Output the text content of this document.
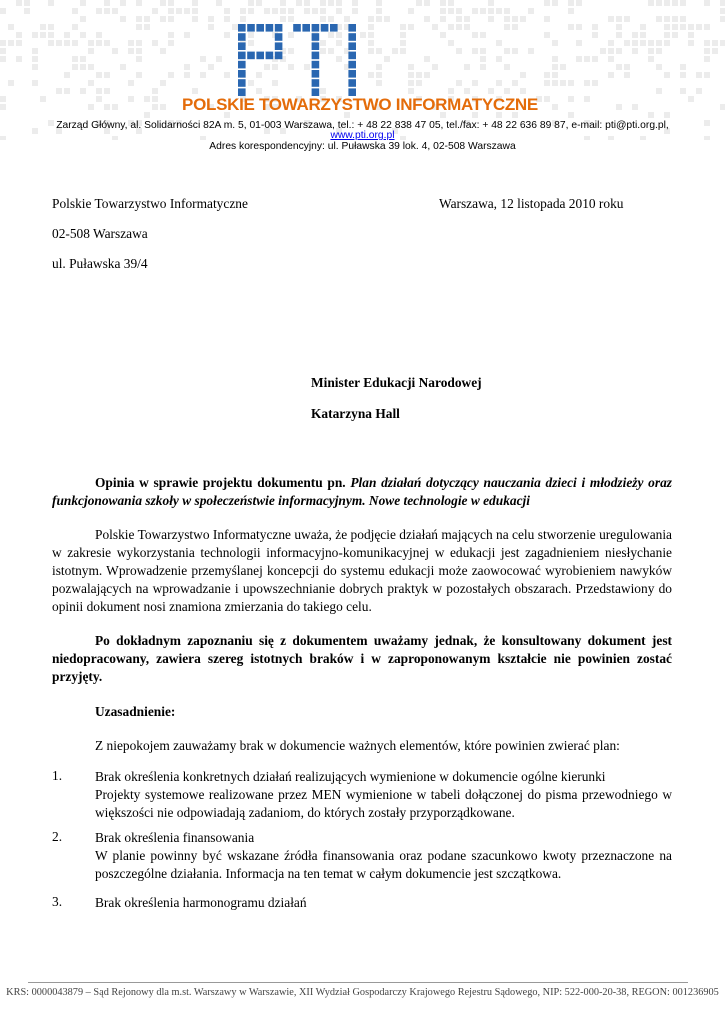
POLSKIE TOWARZYSTWO INFORMATYCZNE
Zarząd Główny, al. Solidarności 82A m. 5, 01-003 Warszawa, tel.: + 48 22 838 47 05, tel./fax: + 48 22 636 89 87, e-mail: pti@pti.org.pl,
www.pti.org.pl
Adres korespondencyjny: ul. Puławska 39 lok. 4, 02-508 Warszawa
Polskie Towarzystwo Informatyczne	Warszawa, 12 listopada 2010 roku
02-508 Warszawa
ul. Puławska 39/4
Minister Edukacji Narodowej
Katarzyna Hall

Opinia w sprawie projektu dokumentu pn. Plan działań dotyczący nauczania dzieci i młodzieży oraz funkcjonowania szkoły w społeczeństwie informacyjnym. Nowe technologie w edukacji

Polskie Towarzystwo Informatyczne uważa, że podjęcie działań mających na celu stworzenie uregulowania w zakresie wykorzystania technologii informacyjno-komunikacyjnej w edukacji jest zagadnieniem niesłychanie istotnym. Wprowadzenie przemyślanej koncepcji do systemu edukacji może zaowocować wyrobieniem nawyków pozwalających na wprowadzanie i upowszechnianie dobrych praktyk w pozostałych obszarach. Przedstawiony do opinii dokument nosi znamiona zmierzania do takiego celu.

Po dokładnym zapoznaniu się z dokumentem uważamy jednak, że konsultowany dokument jest niedopracowany, zawiera szereg istotnych braków i w zaproponowanym kształcie nie powinien zostać przyjęty.

Uzasadnienie:
Z niepokojem zauważamy brak w dokumencie ważnych elementów, które powinien zwierać plan:
1. Brak określenia konkretnych działań realizujących wymienione w dokumencie ogólne kierunki
Projekty systemowe realizowane przez MEN wymienione w tabeli dołączonej do pisma przewodniego w większości nie odpowiadają zadaniom, do których zostały przyporządkowane.
2. Brak określenia finansowania
W planie powinny być wskazane źródła finansowania oraz podane szacunkowo kwoty przeznaczone na poszczególne działania. Informacja na ten temat w całym dokumencie jest szczątkowa.
3. Brak określenia harmonogramu działań
KRS: 0000043879 – Sąd Rejonowy dla m.st. Warszawy w Warszawie, XII Wydział Gospodarczy Krajowego Rejestru Sądowego, NIP: 522-000-20-38, REGON: 001236905
